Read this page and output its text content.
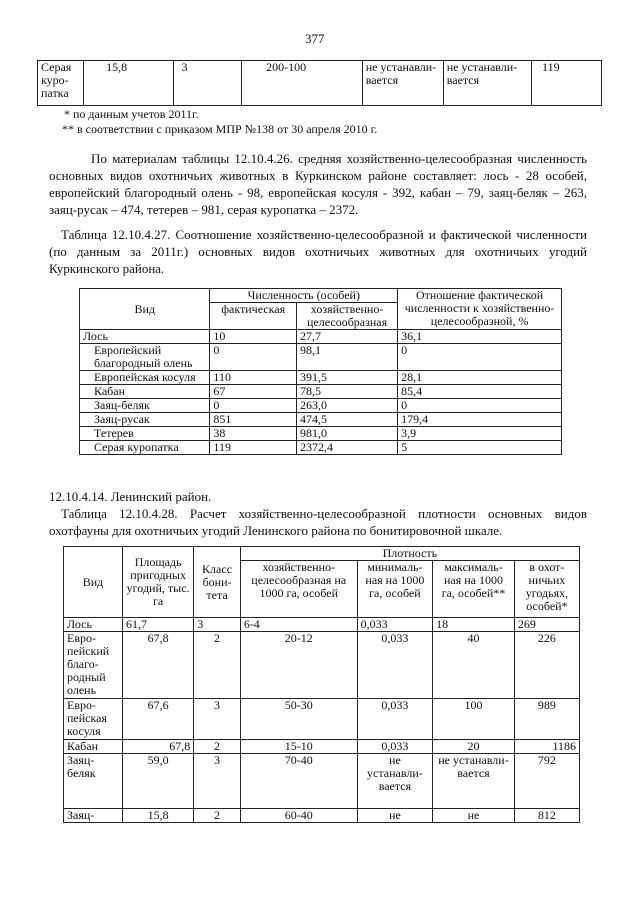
377
Серая куро-патка	15,8	3	200-100	не устанавли-вается	не устанавли-вается	119
* по данным учетов 2011г.
** в соответствии с приказом МПР №138 от 30 апреля 2010 г.
По материалам таблицы 12.10.4.26. средняя хозяйственно-целесообразная численность основных видов охотничьих животных в Куркинском районе составляет: лось - 28 особей, европейский благородный олень - 98, европейская косуля - 392, кабан – 79, заяц-беляк – 263, заяц-русак – 474, тетерев – 981, серая куропатка – 2372.
Таблица 12.10.4.27. Соотношение хозяйственно-целесообразной и фактической численности (по данным за 2011г.) основных видов охотничьих животных для охотничьих угодий Куркинского района.
Вид	Численность (особей)		Отношение фактической численности к хозяйственно-целесообразной, %
	фактическая	хозяйственно-целесообразная	
Лось	10	27,7	36,1
Европейский благородный олень	0	98,1	0
Европейская косуля	110	391,5	28,1
Кабан	67	78,5	85,4
Заяц-беляк	0	263,0	0
Заяц-русак	851	474,5	179,4
Тетерев	38	981,0	3,9
Серая куропатка	119	2372,4	5
12.10.4.14. Ленинский район.
Таблица 12.10.4.28. Расчет хозяйственно-целесообразной плотности основных видов охотфауны для охотничьих угодий Ленинского района по бонитировочной шкале.
Вид	Площадь пригодных угодий, тыс. га	Класс бони-тета	Плотность			
			хозяйственно-целесообразная на 1000 га, особей	минималь-ная на 1000 га, особей	максималь-ная на 1000 га, особей**	в охот-ничьих угодьях, особей*
Лось	61,7	3	6-4	0,033	18	269
Евро-пейский благо-родный олень	67,8	2	20-12	0,033	40	226
Евро-пейская косуля	67,6	3	50-30	0,033	100	989
Кабан	67,8	2	15-10	0,033	20	1186
Заяц-беляк	59,0	3	70-40	не устанавли-вается	не устанавли-вается	792
Заяц-	15,8	2	60-40	не	не	812
